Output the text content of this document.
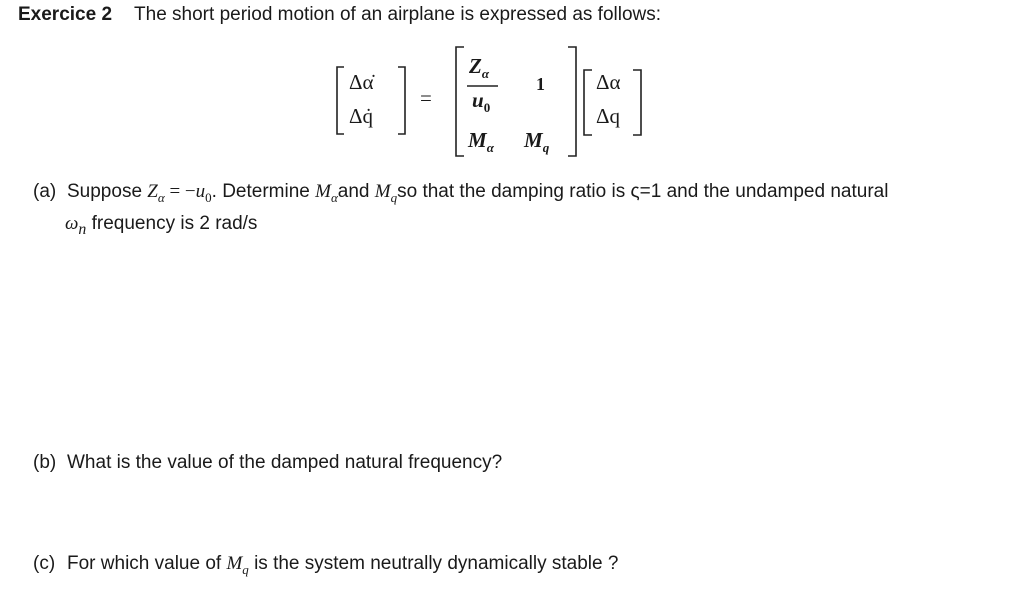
Exercice 2 The short period motion of an airplane is expressed as follows:
Δα̇
Δq̇
=
$Z_\alpha$
$u_0$
1
$M_\alpha$ $M_q$
Δα
Δq
(a) Suppose $Z_\alpha = -u_0$. Determine $M_\alpha and$ $M_qso$ that the damping ratio is ς=1 and the undamped natural
$\omega_n$ frequency is 2 rad/s
(b) What is the value of the damped natural frequency?
(c) For which value of $M_q$ is the system neutrally dynamically stable ?
